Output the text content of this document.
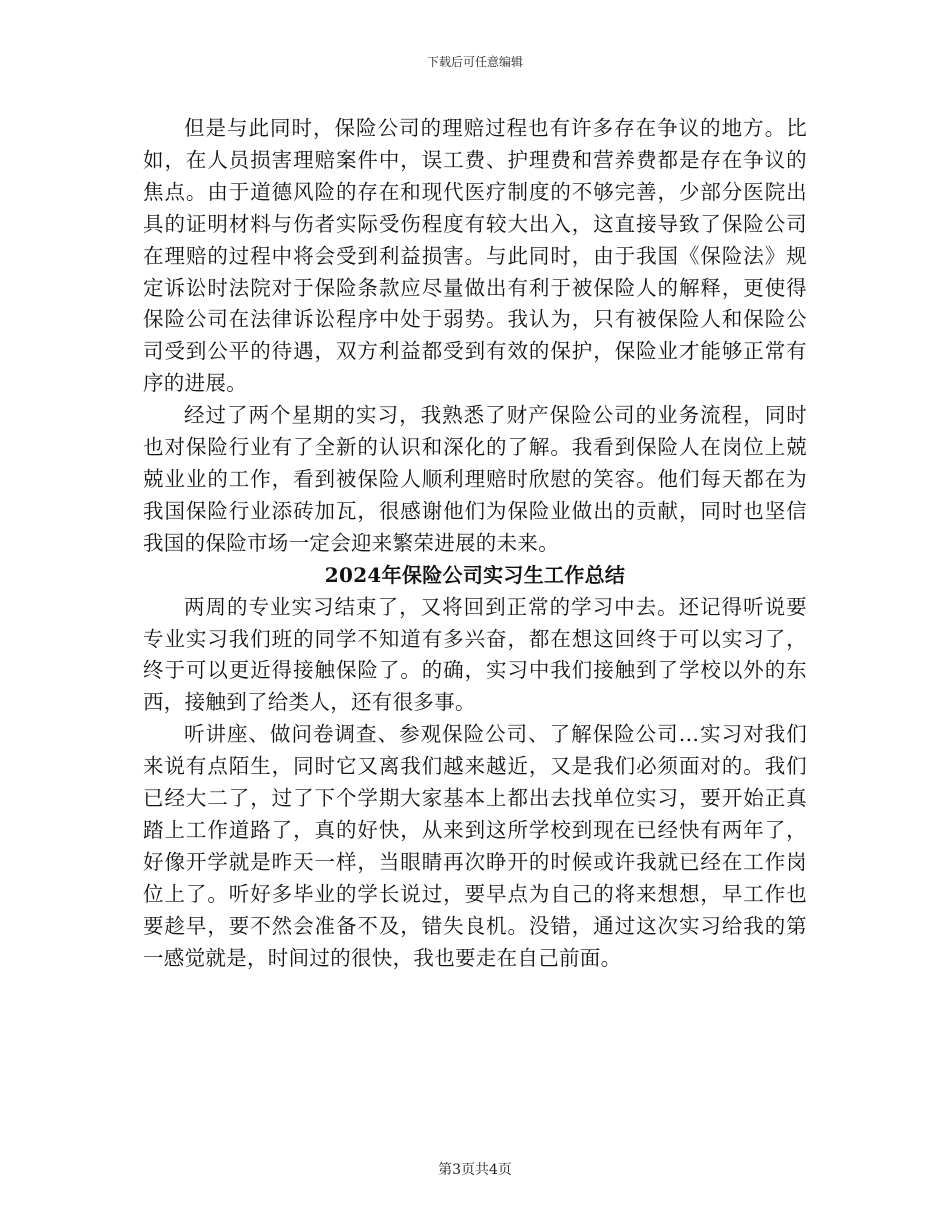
下载后可任意编辑

但是与此同时，保险公司的理赔过程也有许多存在争议的地方。比如，在人员损害理赔案件中，误工费、护理费和营养费都是存在争议的焦点。由于道德风险的存在和现代医疗制度的不够完善，少部分医院出具的证明材料与伤者实际受伤程度有较大出入，这直接导致了保险公司在理赔的过程中将会受到利益损害。与此同时，由于我国《保险法》规定诉讼时法院对于保险条款应尽量做出有利于被保险人的解释，更使得保险公司在法律诉讼程序中处于弱势。我认为，只有被保险人和保险公司受到公平的待遇，双方利益都受到有效的保护，保险业才能够正常有序的进展。

经过了两个星期的实习，我熟悉了财产保险公司的业务流程，同时也对保险行业有了全新的认识和深化的了解。我看到保险人在岗位上兢兢业业的工作，看到被保险人顺利理赔时欣慰的笑容。他们每天都在为我国保险行业添砖加瓦，很感谢他们为保险业做出的贡献，同时也坚信我国的保险市场一定会迎来繁荣进展的未来。

2024年保险公司实习生工作总结

两周的专业实习结束了，又将回到正常的学习中去。还记得听说要专业实习我们班的同学不知道有多兴奋，都在想这回终于可以实习了，终于可以更近得接触保险了。的确，实习中我们接触到了学校以外的东西，接触到了给类人，还有很多事。

听讲座、做问卷调查、参观保险公司、了解保险公司…实习对我们来说有点陌生，同时它又离我们越来越近，又是我们必须面对的。我们已经大二了，过了下个学期大家基本上都出去找单位实习，要开始正真踏上工作道路了，真的好快，从来到这所学校到现在已经快有两年了，好像开学就是昨天一样，当眼睛再次睁开的时候或许我就已经在工作岗位上了。听好多毕业的学长说过，要早点为自己的将来想想，早工作也要趁早，要不然会准备不及，错失良机。没错，通过这次实习给我的第一感觉就是，时间过的很快，我也要走在自己前面。

第3页共4页
